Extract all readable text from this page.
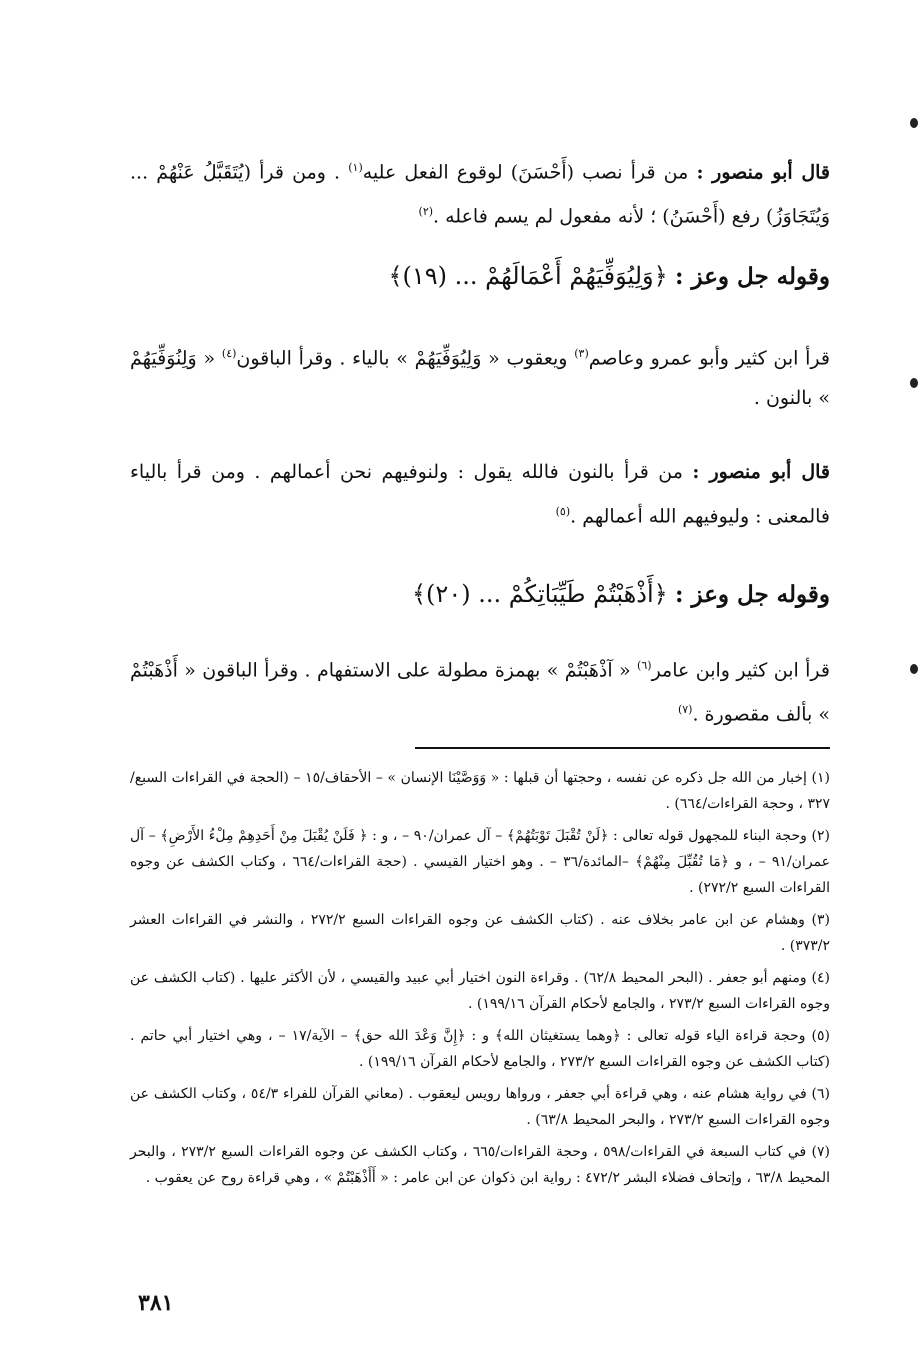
قال أبو منصور : من قرأ نصب (أَحْسَنَ) لوقوع الفعل عليه$^{(١)}$ . ومن قرأ (يُتَقَبَّلُ عَنْهُمْ ... وَيُتَجَاوَزُ) رفع (أَحْسَنُ) ؛ لأنه مفعول لم يسم فاعله .$^{(٢)}$
وقوله جل وعز : ﴿وَلِيُوَفِّيَهُمْ أَعْمَالَهُمْ ... (١٩)﴾
قرأ ابن كثير وأبو عمرو وعاصم$^{(٣)}$ ويعقوب « وَلِيُوَفِّيَهُمْ » بالياء . وقرأ الباقون$^{(٤)}$ « وَلِنُوَفِّيَهُمْ » بالنون .
قال أبو منصور : من قرأ بالنون فالله يقول : ولنوفيهم نحن أعمالهم . ومن قرأ بالياء فالمعنى : وليوفيهم الله أعمالهم .$^{(٥)}$
وقوله جل وعز : ﴿أَذْهَبْتُمْ طَيِّبَاتِكُمْ ... (٢٠)﴾
قرأ ابن كثير وابن عامر$^{(٦)}$ « آذْهَبْتُمْ » بهمزة مطولة على الاستفهام . وقرأ الباقون « أَذْهَبْتُمْ » بألف مقصورة .$^{(٧)}$

(١) إخبار من الله جل ذكره عن نفسه ، وحجتها أن قبلها : « وَوَصَّيْنَا الإنسان » – الأحقاف/١٥ – (الحجة في القراءات السبع/٣٢٧ ، وحجة القراءات/٦٦٤) .

(٢) وحجة البناء للمجهول قوله تعالى : ﴿لَنْ تُقْبَلَ تَوْبَتُهُمْ﴾ – آل عمران/٩٠ – ، و : ﴿ فَلَنْ يُقْبَلَ مِنْ أَحَدِهِمْ مِلْءُ الأَرْضِ﴾ – آل عمران/٩١ – ، و ﴿مَا تُقُبِّلَ مِنْهُمْ﴾ –المائدة/٣٦ – . وهو اختيار القيسي . (حجة القراءات/٦٦٤ ، وكتاب الكشف عن وجوه القراءات السبع ٢٧٢/٢) .

(٣) وهشام عن ابن عامر بخلاف عنه . (كتاب الكشف عن وجوه القراءات السبع ٢٧٢/٢ ، والنشر في القراءات العشر ٣٧٣/٢) .

(٤) ومنهم أبو جعفر . (البحر المحيط ٦٢/٨) . وقراءة النون اختيار أبي عبيد والقيسي ، لأن الأكثر عليها . (كتاب الكشف عن وجوه القراءات السبع ٢٧٣/٢ ، والجامع لأحكام القرآن ١٩٩/١٦) .

(٥) وحجة قراءة الياء قوله تعالى : ﴿وهما يستغيثان الله﴾ و : ﴿إِنَّ وَعْدَ الله حق﴾ – الآية/١٧ – ، وهي اختيار أبي حاتم . (كتاب الكشف عن وجوه القراءات السبع ٢٧٣/٢ ، والجامع لأحكام القرآن ١٩٩/١٦) .

(٦) في رواية هشام عنه ، وهي قراءة أبي جعفر ، ورواها رويس ليعقوب . (معاني القرآن للفراء ٥٤/٣ ، وكتاب الكشف عن وجوه القراءات السبع ٢٧٣/٢ ، والبحر المحيط ٦٣/٨) .

(٧) في كتاب السبعة في القراءات/٥٩٨ ، وحجة القراءات/٦٦٥ ، وكتاب الكشف عن وجوه القراءات السبع ٢٧٣/٢ ، والبحر المحيط ٦٣/٨ ، وإتحاف فضلاء البشر ٤٧٢/٢ : رواية ابن ذكوان عن ابن عامر : « أَأَذْهَبْتُمْ » ، وهي قراءة روح عن يعقوب .

٣٨١
